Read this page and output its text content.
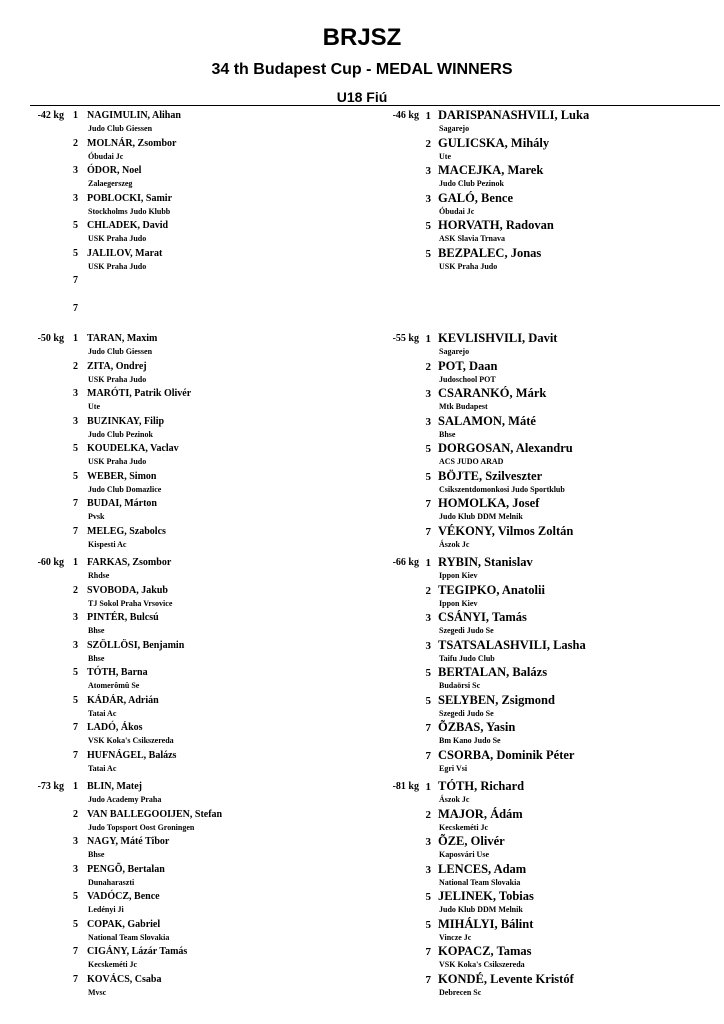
BRJSZ
34 th Budapest Cup - MEDAL WINNERS
U18 Fiú
-42 kg 1 NAGIMULIN, Alihan
Judo Club Giessen
2 MOLNÁR, Zsombor
Óbudai Jc
3 ÓDOR, Noel
Zalaegerszeg
3 POBLOCKI, Samir
Stockholms Judo Klubb
5 CHLADEK, David
USK Praha Judo
5 JALILOV, Marat
USK Praha Judo
7
7
-46 kg 1 DARISPANASHVILI, Luka
Sagarejo
2 GULICSKA, Mihály
Ute
3 MACEJKA, Marek
Judo Club Pezinok
3 GALÓ, Bence
Óbudai Jc
5 HORVATH, Radovan
ASK Slavia Trnava
5 BEZPALEC, Jonas
USK Praha Judo
-50 kg 1 TARAN, Maxim
Judo Club Giessen
2 ZITA, Ondrej
USK Praha Judo
3 MARÓTI, Patrik Olivér
Ute
3 BUZINKAY, Filip
Judo Club Pezinok
5 KOUDELKA, Vaclav
USK Praha Judo
5 WEBER, Simon
Judo Club Domazlice
7 BUDAI, Márton
Pvsk
7 MELEG, Szabolcs
Kispesti Ac
-55 kg 1 KEVLISHVILI, Davit
Sagarejo
2 POT, Daan
Judoschool POT
3 CSARANKÓ, Márk
Mtk Budapest
3 SALAMON, Máté
Bhse
5 DORGOSAN, Alexandru
ACS JUDO ARAD
5 BÖJTE, Szilveszter
Csikszentdomonkosi Judo Sportklub
7 HOMOLKA, Josef
Judo Klub DDM Melnik
7 VÉKONY, Vilmos Zoltán
Ászok Jc
-60 kg 1 FARKAS, Zsombor
Rhdse
2 SVOBODA, Jakub
TJ Sokol Praha Vrsovice
3 PINTÉR, Bulcsú
Bhse
3 SZÖLLÖSI, Benjamin
Bhse
5 TÓTH, Barna
Atomerômû Se
5 KÁDÁR, Adrián
Tatai Ac
7 LADÓ, Ákos
VSK Koka's Csikszereda
7 HUFNÁGEL, Balázs
Tatai Ac
-66 kg 1 RYBIN, Stanislav
Ippon Kiev
2 TEGIPKO, Anatolii
Ippon Kiev
3 CSÁNYI, Tamás
Szegedi Judo Se
3 TSATSALASHVILI, Lasha
Taifu Judo Club
5 BERTALAN, Balázs
Budaörsi Sc
5 SELYBEN, Zsigmond
Szegedi Judo Se
7 ÕZBAS, Yasin
Bm Kano Judo Se
7 CSORBA, Dominik Péter
Egri Vsi
-73 kg 1 BLIN, Matej
Judo Academy Praha
2 VAN BALLEGOOIJEN, Stefan
Judo Topsport Oost Groningen
3 NAGY, Máté Tibor
Bhse
3 PENGÕ, Bertalan
Dunaharaszti
5 VADÓCZ, Bence
Ledényi Ji
5 COPAK, Gabriel
National Team Slovakia
7 CIGÁNY, Lázár Tamás
Kecskeméti Jc
7 KOVÁCS, Csaba
Mvsc
-81 kg 1 TÓTH, Richard
Ászok Jc
2 MAJOR, Ádám
Kecskeméti Jc
3 ÕZE, Olivér
Kaposvári Use
3 LENCES, Adam
National Team Slovakia
5 JELINEK, Tobias
Judo Klub DDM Melnik
5 MIHÁLYI, Bálint
Vincze Jc
7 KOPACZ, Tamas
VSK Koka's Csikszereda
7 KONDÉ, Levente Kristóf
Debrecen Sc
